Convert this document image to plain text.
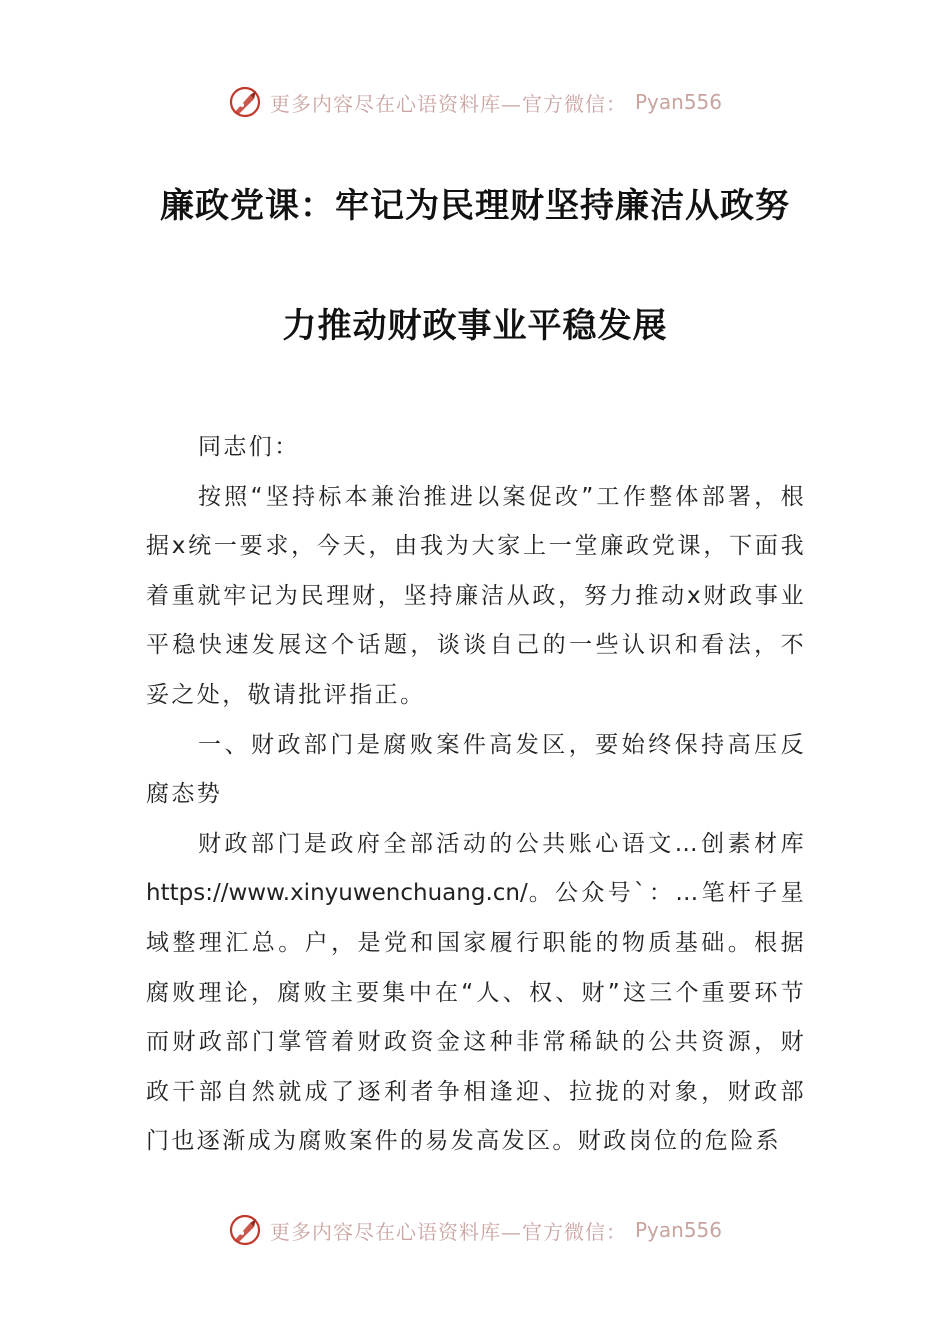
更多内容尽在心语资料库—官方微信： Pyan556
廉政党课：牢记为民理财坚持廉洁从政努
力推动财政事业平稳发展

同志们：

按照“坚持标本兼治推进以案促改”工作整体部署，根据x统一要求，今天，由我为大家上一堂廉政党课，下面我着重就牢记为民理财，坚持廉洁从政，努力推动x财政事业平稳快速发展这个话题，谈谈自己的一些认识和看法，不妥之处，敬请批评指正。

一、财政部门是腐败案件高发区，要始终保持高压反腐态势

财政部门是政府全部活动的公共账心语文…创素材库https://www.xinyuwenchuang.cn/。公众号`：…笔杆子星域整理汇总。户，是党和国家履行职能的物质基础。根据腐败理论，腐败主要集中在“人、权、财”这三个重要环节而财政部门掌管着财政资金这种非常稀缺的公共资源，财政干部自然就成了逐利者争相逢迎、拉拢的对象，财政部门也逐渐成为腐败案件的易发高发区。财政岗位的危险系

更多内容尽在心语资料库—官方微信： Pyan556
